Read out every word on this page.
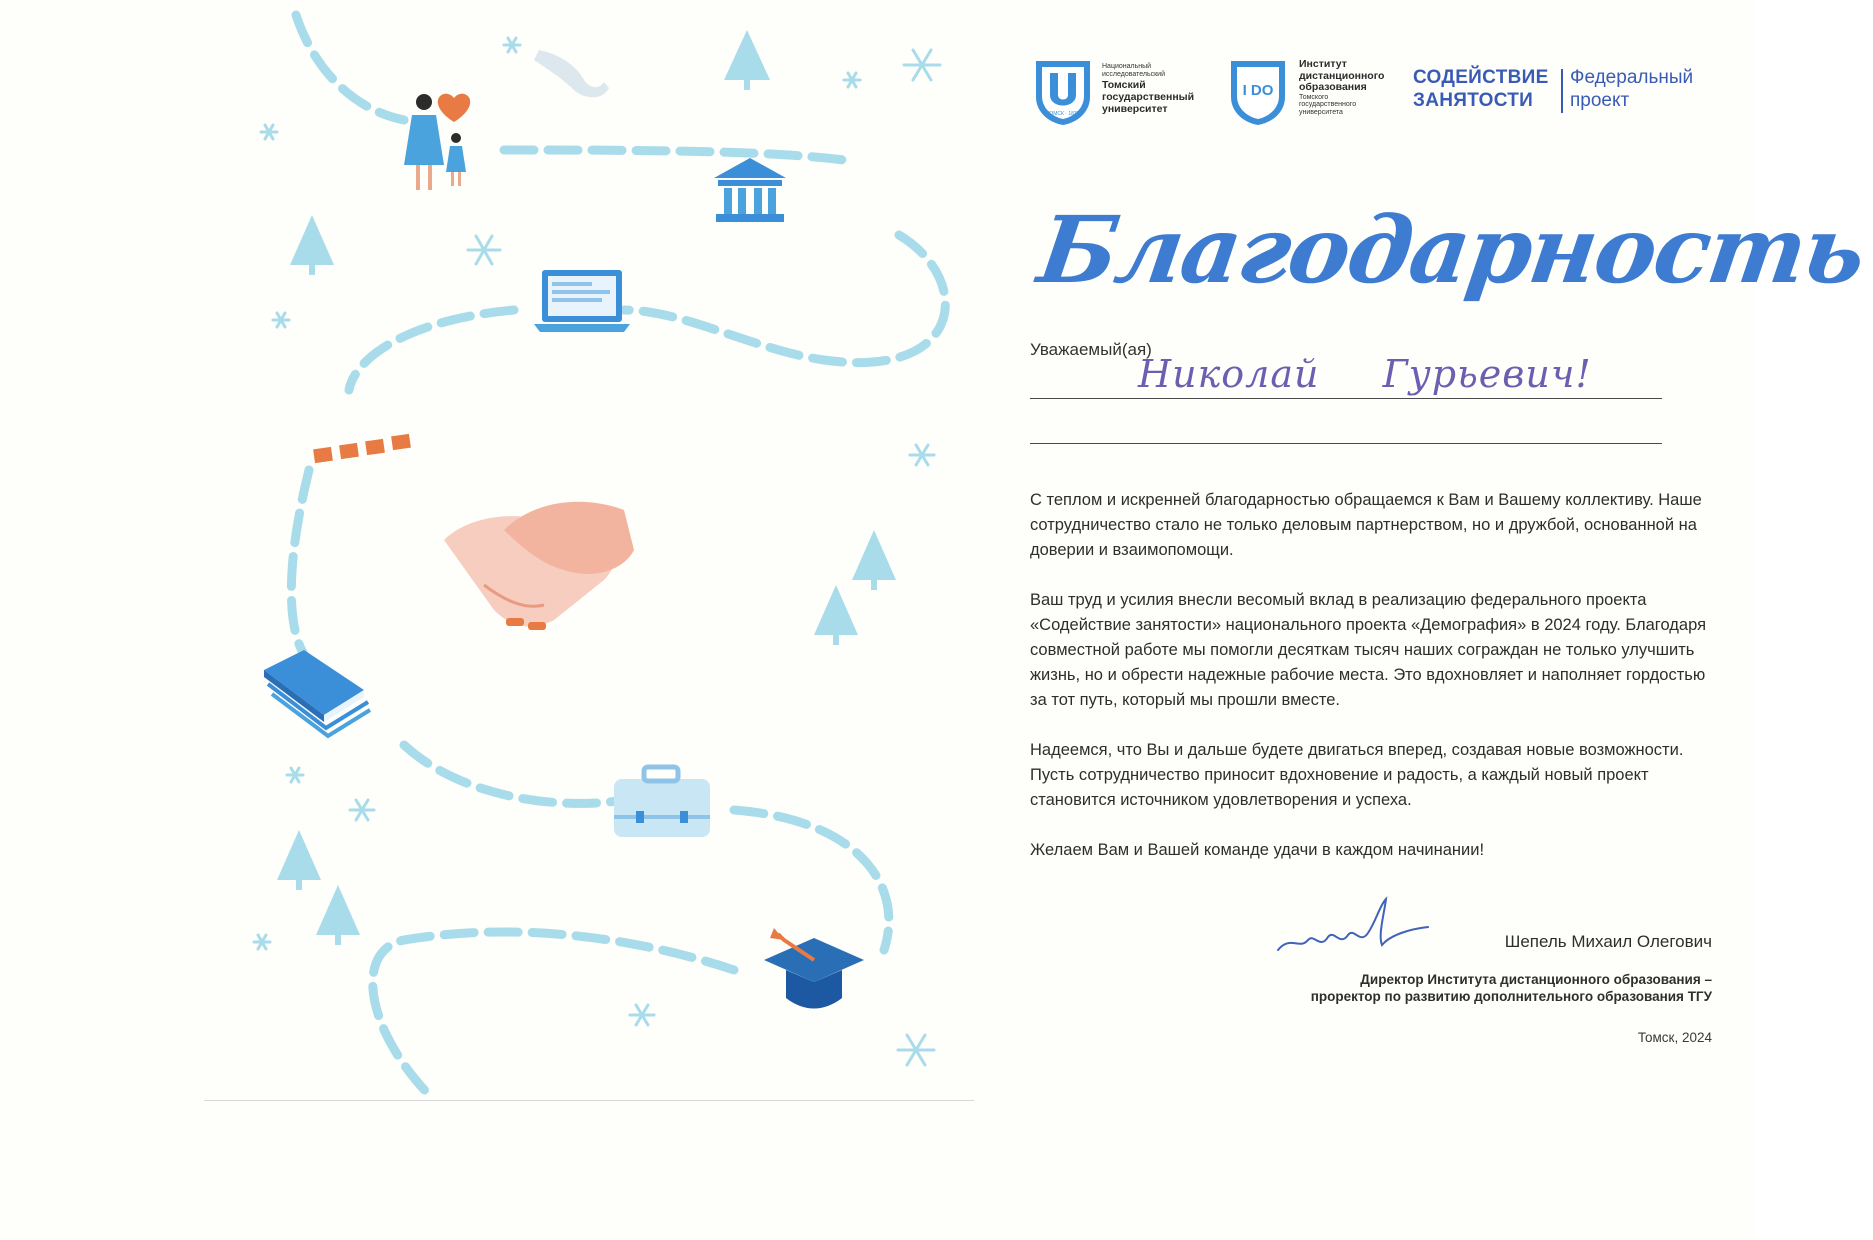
ТОМСК · 1878
Национальный
исследовательский
Томский
государственный
университет
I DO
Институт
дистанционного
образования
Томского
государственного
университета
СОДЕЙСТВИЕ
ЗАНЯТОСТИ
Федеральный
проект
Благодарность
Уважаемый(ая)
Николай Гурьевич!

С теплом и искренней благодарностью обращаемся к Вам и Вашему коллективу. Наше сотрудничество стало не только деловым партнерством, но и дружбой, основанной на доверии и взаимопомощи.

Ваш труд и усилия внесли весомый вклад в реализацию федерального проекта «Содействие занятости» национального проекта «Демография» в 2024 году. Благодаря совместной работе мы помогли десяткам тысяч наших сограждан не только улучшить жизнь, но и обрести надежные рабочие места. Это вдохновляет и наполняет гордостью за тот путь, который мы прошли вместе.

Надеемся, что Вы и дальше будете двигаться вперед, создавая новые возможности. Пусть сотрудничество приносит вдохновение и радость, а каждый новый проект становится источником удовлетворения и успеха.

Желаем Вам и Вашей команде удачи в каждом начинании!

Шепель Михаил Олегович
Директор Института дистанционного образования –
проректор по развитию дополнительного образования ТГУ
Томск, 2024
